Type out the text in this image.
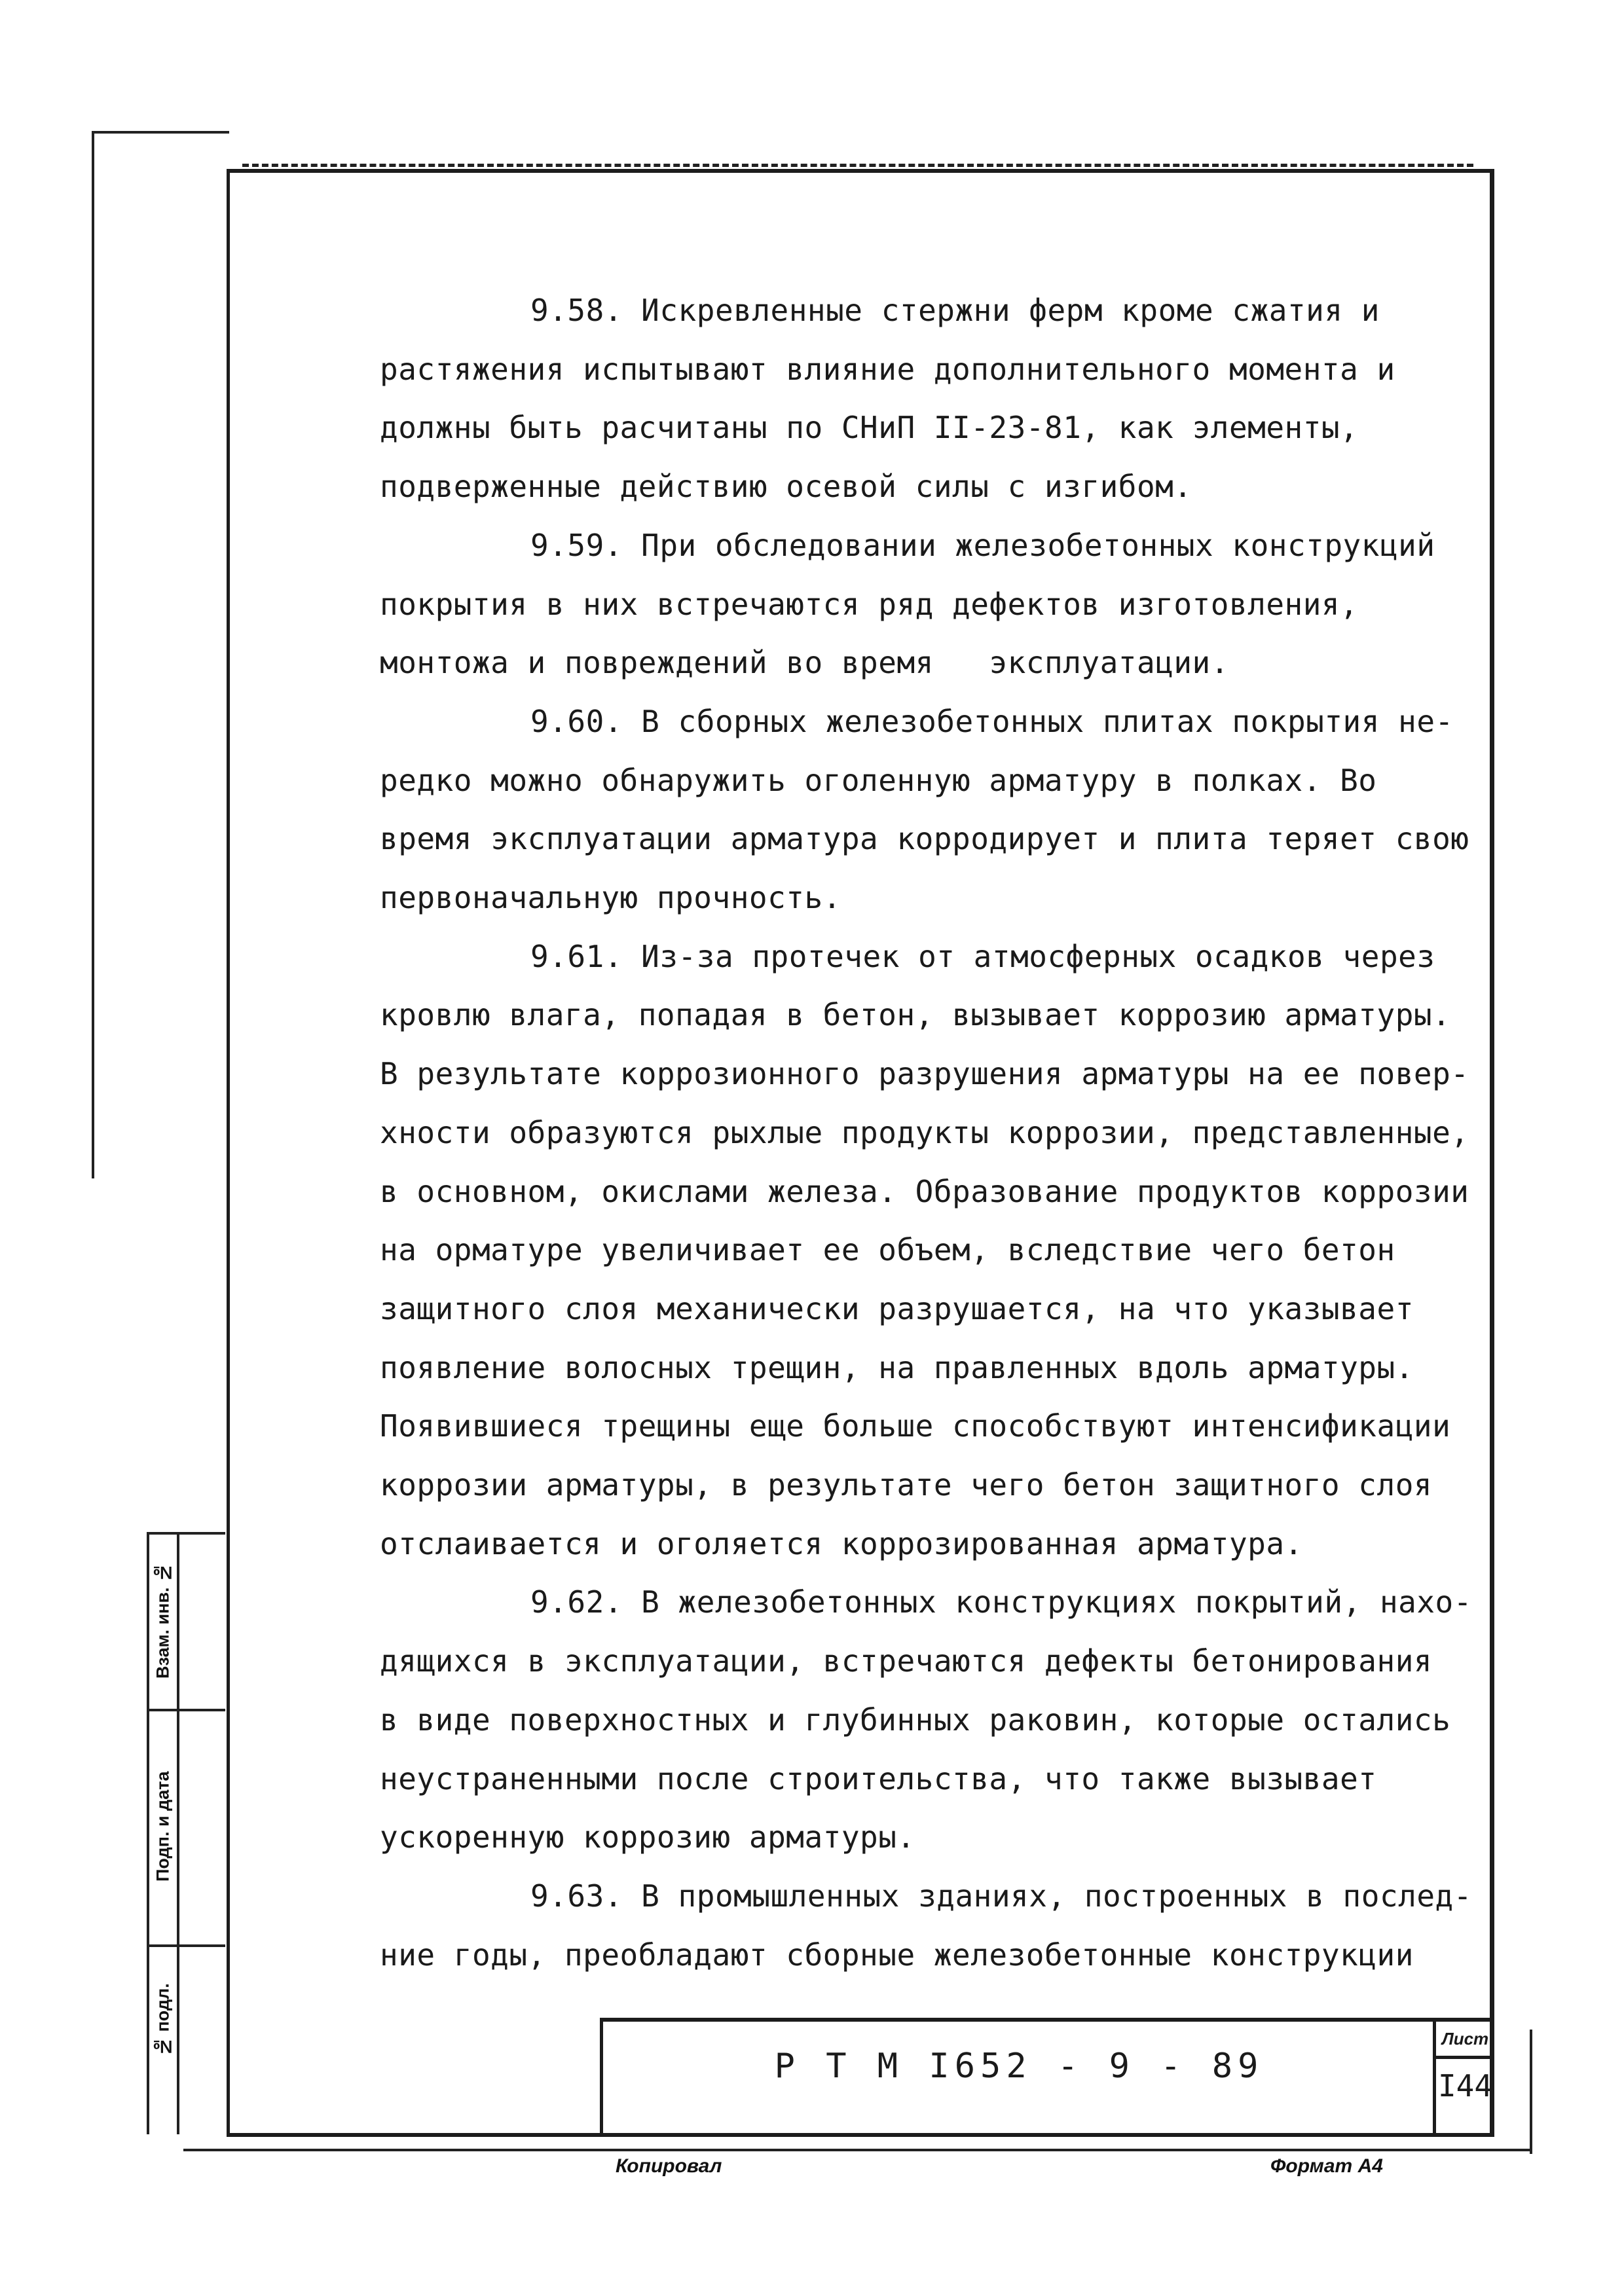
Взам. инв. №
Подп. и дата
№ подл.
9.58. Искревленные стержни ферм кроме сжатия и
растяжения испытывают влияние дополнительного момента и
должны быть расчитаны по СНиП II-23-81, как элементы,
подверженные действию осевой силы с изгибом.
9.59. При обследовании железобетонных конструкций
покрытия в них встречаются ряд дефектов изготовления,
монтожа и повреждений во время   эксплуатации.
9.60. В сборных железобетонных плитах покрытия не-
редко можно обнаружить оголенную арматуру в полках. Во
время эксплуатации арматура корродирует и плита теряет свою
первоначальную прочность.
9.61. Из-за протечек от атмосферных осадков через
кровлю влага, попадая в бетон, вызывает коррозию арматуры.
В результате коррозионного разрушения арматуры на ее повер-
хности образуются рыхлые продукты коррозии, представленные,
в основном, окислами железа. Образование продуктов коррозии
на орматуре увеличивает ее объем, вследствие чего бетон
защитного слоя механически разрушается, на что указывает
появление волосных трещин, на правленных вдоль арматуры.
Появившиеся трещины еще больше способствуют интенсификации
коррозии арматуры, в результате чего бетон защитного слоя
отслаивается и оголяется коррозированная арматура.
9.62. В железобетонных конструкциях покрытий, нахо-
дящихся в эксплуатации, встречаются дефекты бетонирования
в виде поверхностных и глубинных раковин, которые остались
неустраненными после строительства, что также вызывает
ускоренную коррозию арматуры.
9.63. В промышленных зданиях, построенных в послед-
ние годы, преобладают сборные железобетонные конструкции
Р Т М I652 - 9 - 89
Лист
I44
Копировал	Формат А4
